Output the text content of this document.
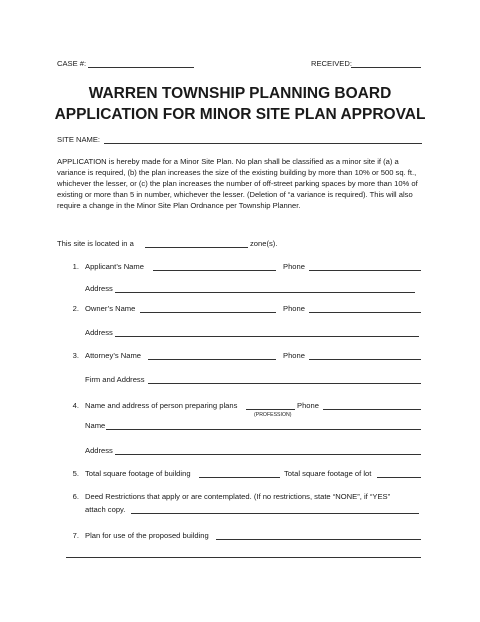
CASE #:	RECEIVED:
WARREN TOWNSHIP PLANNING BOARD
APPLICATION FOR MINOR SITE PLAN APPROVAL
SITE NAME:
APPLICATION is hereby made for a Minor Site Plan. No plan shall be classified as a minor site if (a) a variance is required, (b) the plan increases the size of the existing building by more than 10% or 500 sq. ft., whichever the lesser, or (c) the plan increases the number of off-street parking spaces by more than 10% of existing or more than 5 in number, whichever the lesser. (Deletion of “a variance is required). This will also require a change in the Minor Site Plan Ordnance per Township Planner.
This site is located in a	zone(s).
1. Applicant’s Name	Phone
Address
2. Owner’s Name	Phone
Address
3. Attorney’s Name	Phone
Firm and Address
4. Name and address of person preparing plans
(PROFESSION)
Phone
Name
Address
5. Total square footage of building	Total square footage of lot
6. Deed Restrictions that apply or are contemplated. (If no restrictions, state “NONE”, if “YES”
attach copy.
7. Plan for use of the proposed building
